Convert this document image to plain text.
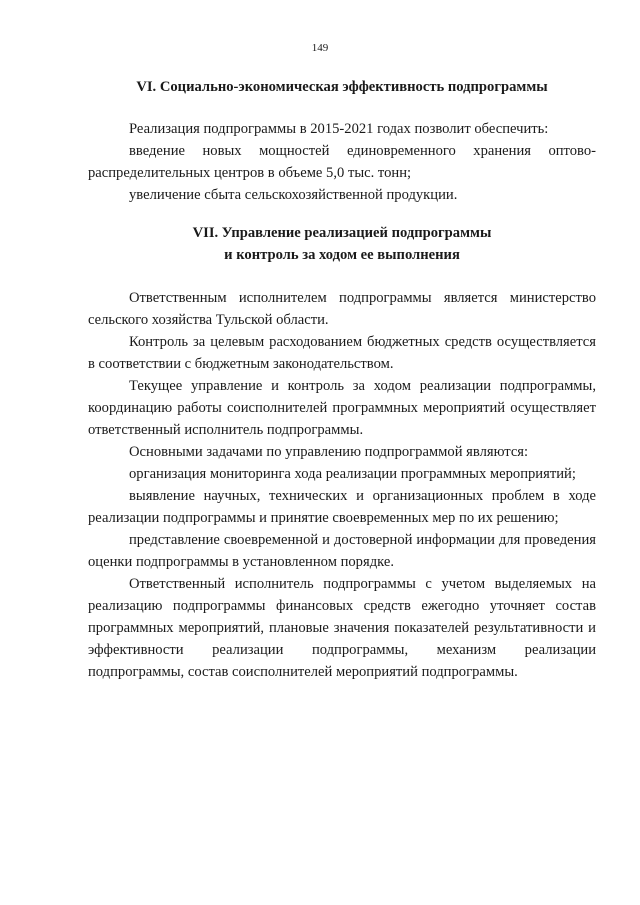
149

VI. Социально-экономическая эффективность подпрограммы

Реализация подпрограммы в 2015-2021 годах позволит обеспечить:

введение новых мощностей единовременного хранения оптово-распределительных центров в объеме 5,0 тыс. тонн;

увеличение сбыта сельскохозяйственной продукции.

VII. Управление реализацией подпрограммы
и контроль за ходом ее выполнения

Ответственным исполнителем подпрограммы является министерство сельского хозяйства Тульской области.

Контроль за целевым расходованием бюджетных средств осуществляется в соответствии с бюджетным законодательством.

Текущее управление и контроль за ходом реализации подпрограммы, координацию работы соисполнителей программных мероприятий осуществляет ответственный исполнитель подпрограммы.

Основными задачами по управлению подпрограммой являются:

организация мониторинга хода реализации программных мероприятий;

выявление научных, технических и организационных проблем в ходе реализации подпрограммы и принятие своевременных мер по их решению;

представление своевременной и достоверной информации для проведения оценки подпрограммы в установленном порядке.

Ответственный исполнитель подпрограммы с учетом выделяемых на реализацию подпрограммы финансовых средств ежегодно уточняет состав программных мероприятий, плановые значения показателей результативности и эффективности реализации подпрограммы, механизм реализации подпрограммы, состав соисполнителей мероприятий подпрограммы.
